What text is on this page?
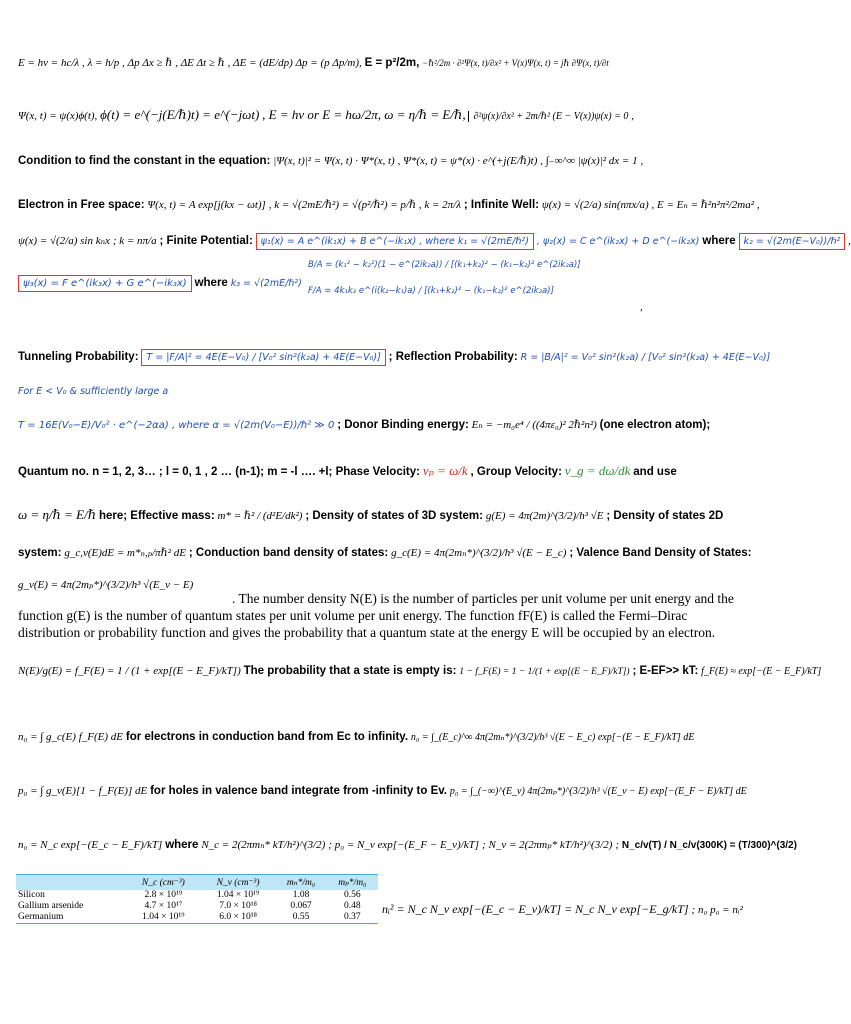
E = hν = hc/λ , λ = h/p , Δp Δx ≥ ℏ , ΔE Δt ≥ ℏ , ΔE = (dE/dp) Δp = (p Δp/m), E = p²/2m, −ℏ²/2m · ∂²Ψ(x, t)/∂x² + V(x)Ψ(x, t) = jℏ ∂Ψ(x, t)/∂t
Ψ(x, t) = ψ(x)ϕ(t), ϕ(t) = e^(−j(E/ℏ)t) = e^(−jωt) , E = hν or E = hω/2π, ω = η/ℏ = E/ℏ, ∂²ψ(x)/∂x² + 2m/ℏ² (E − V(x))ψ(x) = 0 ,
Condition to find the constant in the equation: |Ψ(x, t)|² = Ψ(x, t) · Ψ*(x, t) , Ψ*(x, t) = ψ*(x) · e^(+j(E/ℏ)t) , ∫₋∞^∞ |ψ(x)|² dx = 1 ,
Electron in Free space: Ψ(x, t) = A exp[j(kx − ωt)] , k = √(2mE/ℏ²) = √(p²/ℏ²) = p/ℏ , k = 2π/λ ; Infinite Well: ψ(x) = √(2/a) sin(nπx/a) , E = Eₙ = ℏ²n²π²/2ma² ,
ψ(x) = √(2/a) sin kₙx ; k = nπ/a ; Finite Potential: ψ₁(x) = A e^(ik₁x) + B e^(−ik₁x) , where k₁ = √(2mE/ℏ²) , ψ₂(x) = C e^(ik₂x) + D e^(−ik₂x) where k₂ = √(2m(E−V₀))/ℏ² ,
ψ₃(x) = F e^(ik₃x) + G e^(−ik₃x) where k₃ = √(2mE/ℏ²)
B/A = (k₁² − k₂²)(1 − e^(2ik₂a)) / [(k₁+k₂)² − (k₁−k₂)² e^(2ik₂a)]
F/A = 4k₁k₂ e^(i(k₂−k₁)a) / [(k₁+k₂)² − (k₁−k₂)² e^(2ik₂a)]
,
Tunneling Probability: T = |F/A|² = 4E(E−V₀) / [V₀² sin²(k₂a) + 4E(E−V₀)] ; Reflection Probability: R = |B/A|² = V₀² sin²(k₂a) / [V₀² sin²(k₂a) + 4E(E−V₀)]
For E < V₀ & sufficiently large a
T = 16E(V₀−E)/V₀² · e^(−2αa) , where α = √(2m(V₀−E))/ℏ² ≫ 0 ; Donor Binding energy: Eₙ = −m₀e⁴ / ((4πε₀)² 2ℏ²n²) (one electron atom);
Quantum no. n = 1, 2, 3… ; l = 0, 1 , 2 … (n-1); m = -l …. +l; Phase Velocity: vₚ = ω/k , Group Velocity: v_g = dω/dk and use
ω = η/ℏ = E/ℏ here; Effective mass: m* = ℏ² / (d²E/dk²) ; Density of states of 3D system: g(E) = 4π(2m)^(3/2)/h³ √E ; Density of states 2D
system: g_c,v(E)dE = m*ₙ,ₚ/πℏ² dE ; Conduction band density of states: g_c(E) = 4π(2mₙ*)^(3/2)/h³ √(E − E_c) ; Valence Band Density of States:
g_v(E) = 4π(2mₚ*)^(3/2)/h³ √(E_v − E)
. The number density N(E) is the number of particles per unit volume per unit energy and the function g(E) is the number of quantum states per unit volume per unit energy. The function fF(E) is called the Fermi–Dirac distribution or probability function and gives the probability that a quantum state at the energy E will be occupied by an electron.
N(E)/g(E) = f_F(E) = 1 / (1 + exp[(E − E_F)/kT]) The probability that a state is empty is: 1 − f_F(E) = 1 − 1/(1 + exp[(E − E_F)/kT]) ; E-EF>> kT: f_F(E) ≈ exp[−(E − E_F)/kT]
n₀ = ∫ g_c(E) f_F(E) dE for electrons in conduction band from Ec to infinity. n₀ = ∫_(E_c)^∞ 4π(2mₙ*)^(3/2)/h³ √(E − E_c) exp[−(E − E_F)/kT] dE
p₀ = ∫ g_v(E)[1 − f_F(E)] dE for holes in valence band integrate from -infinity to Ev. p₀ = ∫_(−∞)^(E_v) 4π(2mₚ*)^(3/2)/h³ √(E_v − E) exp[−(E_F − E)/kT] dE
n₀ = N_c exp[−(E_c − E_F)/kT] where N_c = 2(2πmₙ* kT/h²)^(3/2) ; p₀ = N_v exp[−(E_F − E_v)/kT] ; N_v = 2(2πmₚ* kT/h²)^(3/2) ; N_c/v(T) / N_c/v(300K) = (T/300)^(3/2)
	N_c (cm⁻³)	N_v (cm⁻³)	mₙ*/m₀	mₚ*/m₀
Silicon	2.8 × 10¹⁹	1.04 × 10¹⁹	1.08	0.56
Gallium arsenide	4.7 × 10¹⁷	7.0 × 10¹⁸	0.067	0.48
Germanium	1.04 × 10¹⁹	6.0 × 10¹⁸	0.55	0.37
nᵢ² = N_c N_v exp[−(E_c − E_v)/kT] = N_c N_v exp[−E_g/kT] ; n₀ p₀ = nᵢ²
